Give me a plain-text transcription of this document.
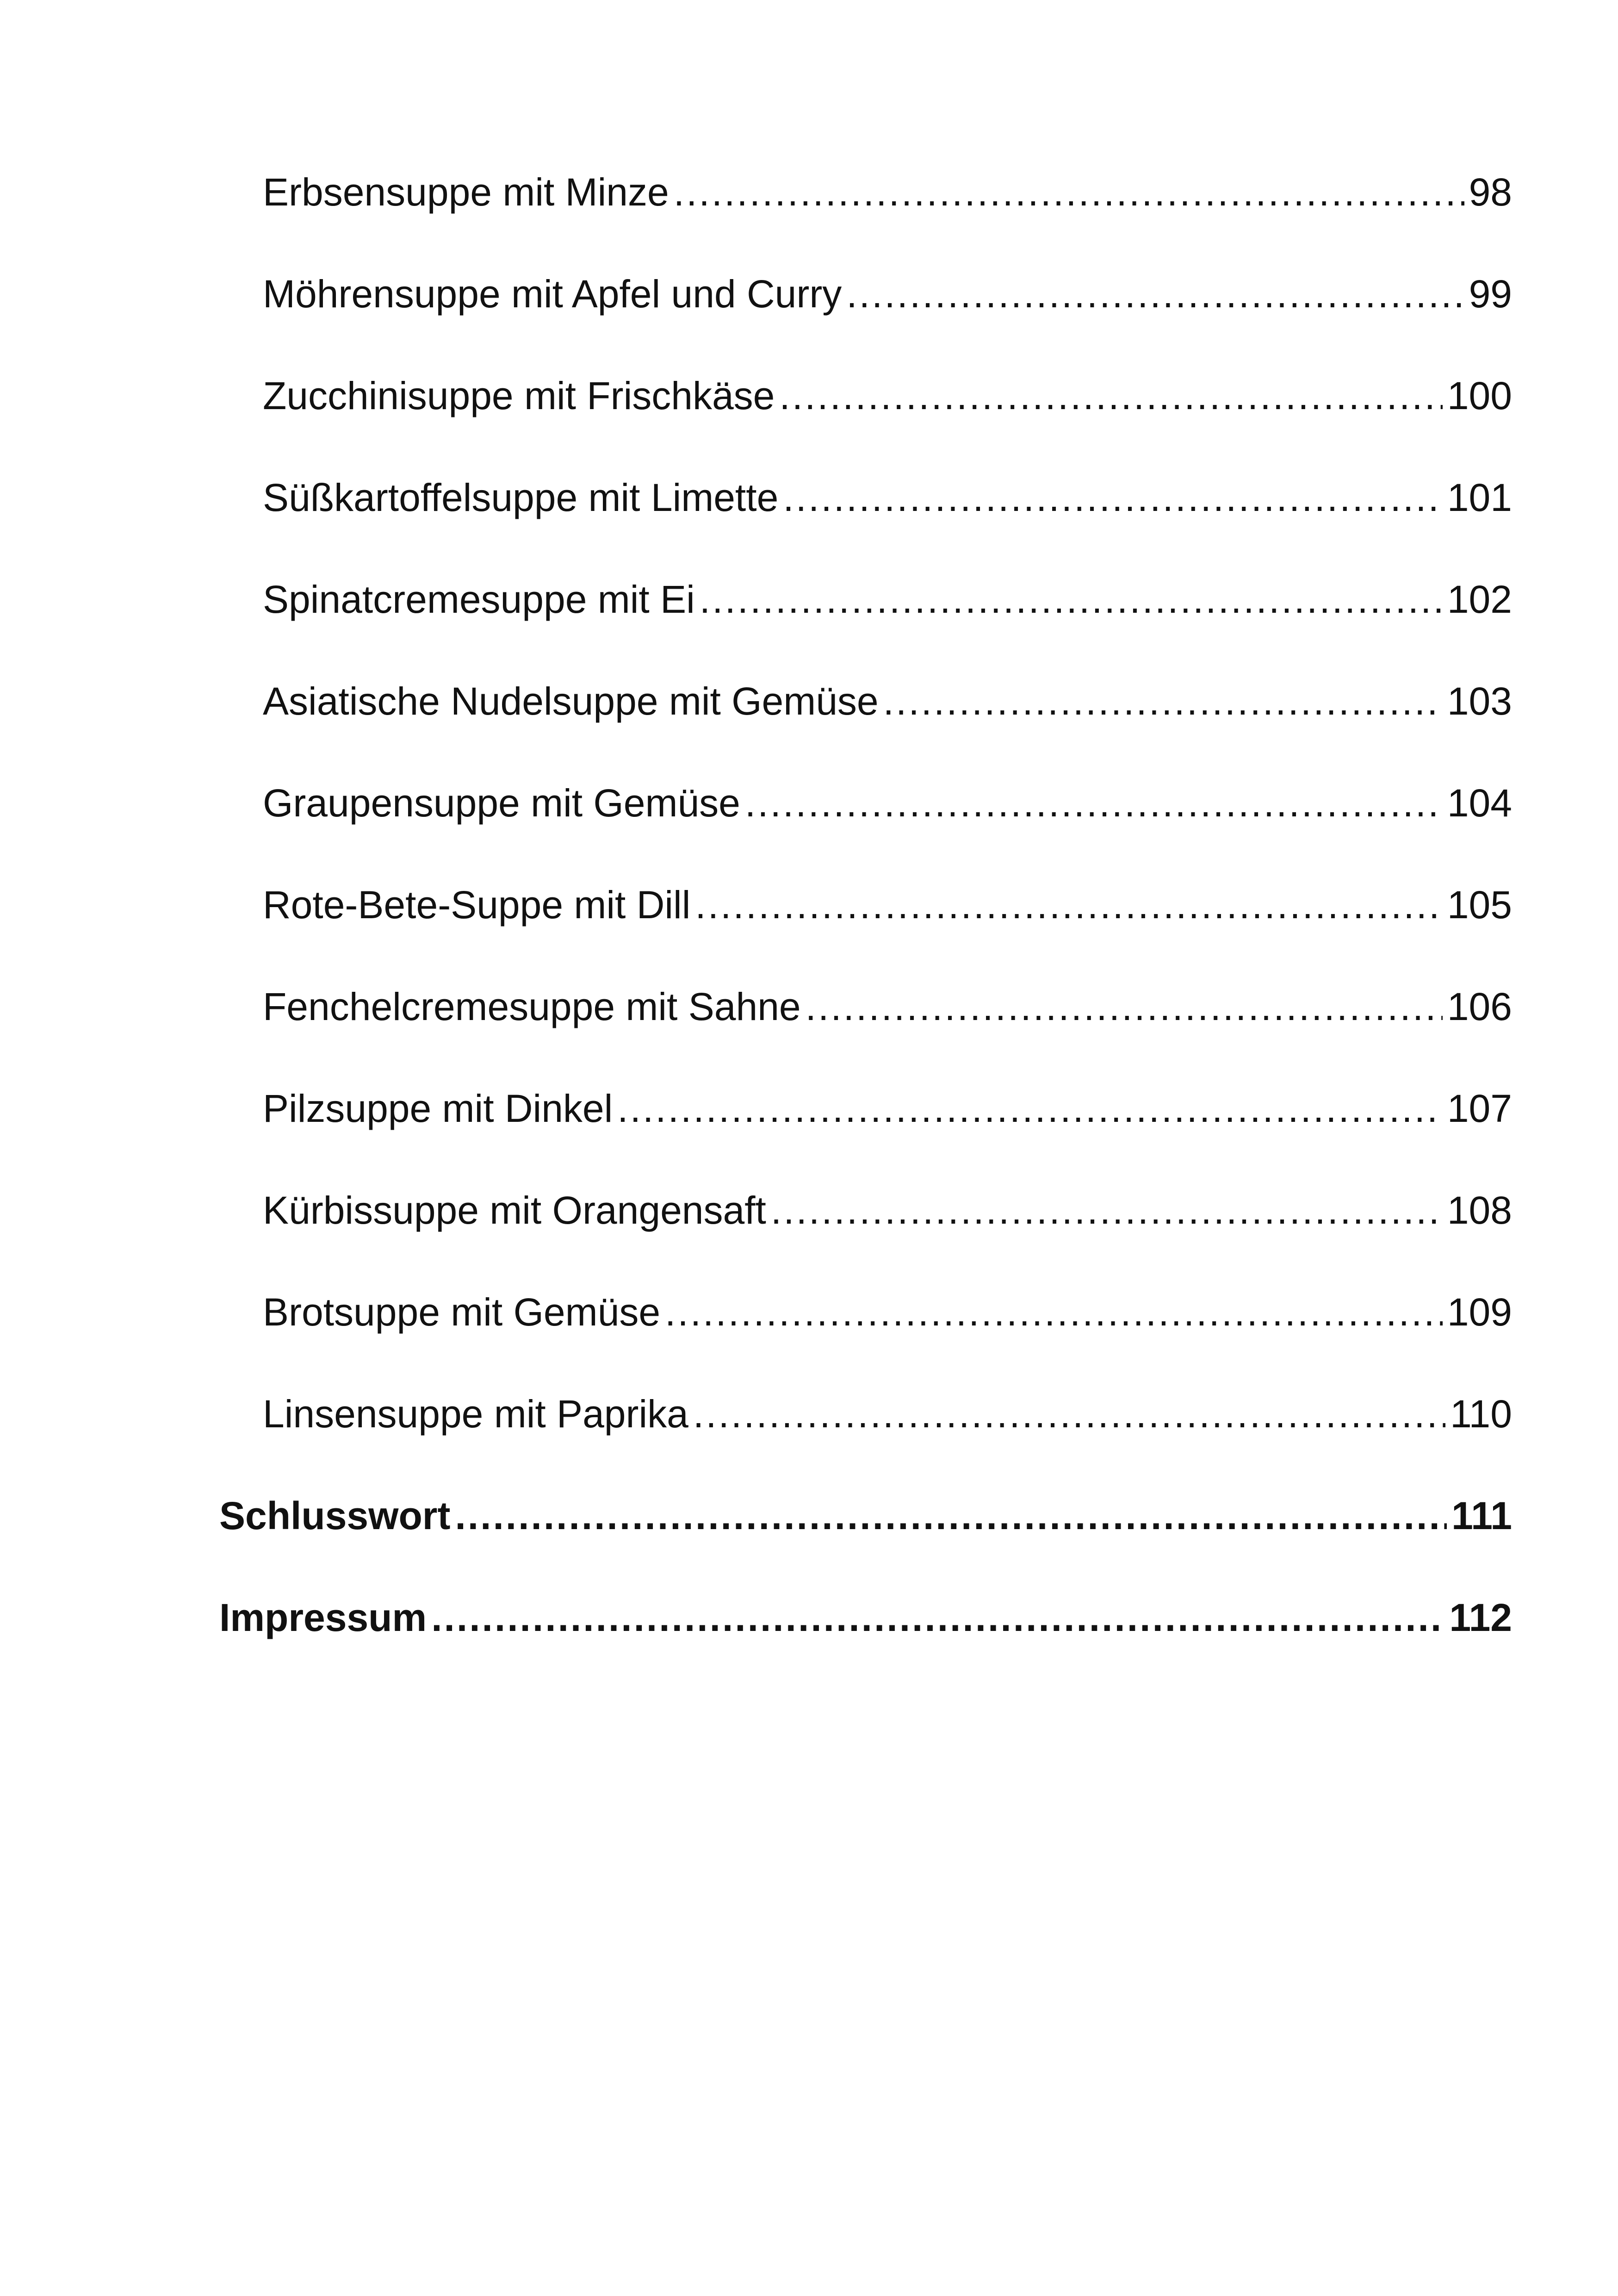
Erbsensuppe mit Minze .....	98
Möhrensuppe mit Apfel und Curry .....	99
Zucchinisuppe mit Frischkäse .....	100
Süßkartoffelsuppe mit Limette .....	101
Spinatcremesuppe mit Ei .....	102
Asiatische Nudelsuppe mit Gemüse .....	103
Graupensuppe mit Gemüse .....	104
Rote-Bete-Suppe mit Dill .....	105
Fenchelcremesuppe mit Sahne .....	106
Pilzsuppe mit Dinkel .....	107
Kürbissuppe mit Orangensaft .....	108
Brotsuppe mit Gemüse .....	109
Linsensuppe mit Paprika .....	110
Schlusswort .....	111
Impressum .....	112
